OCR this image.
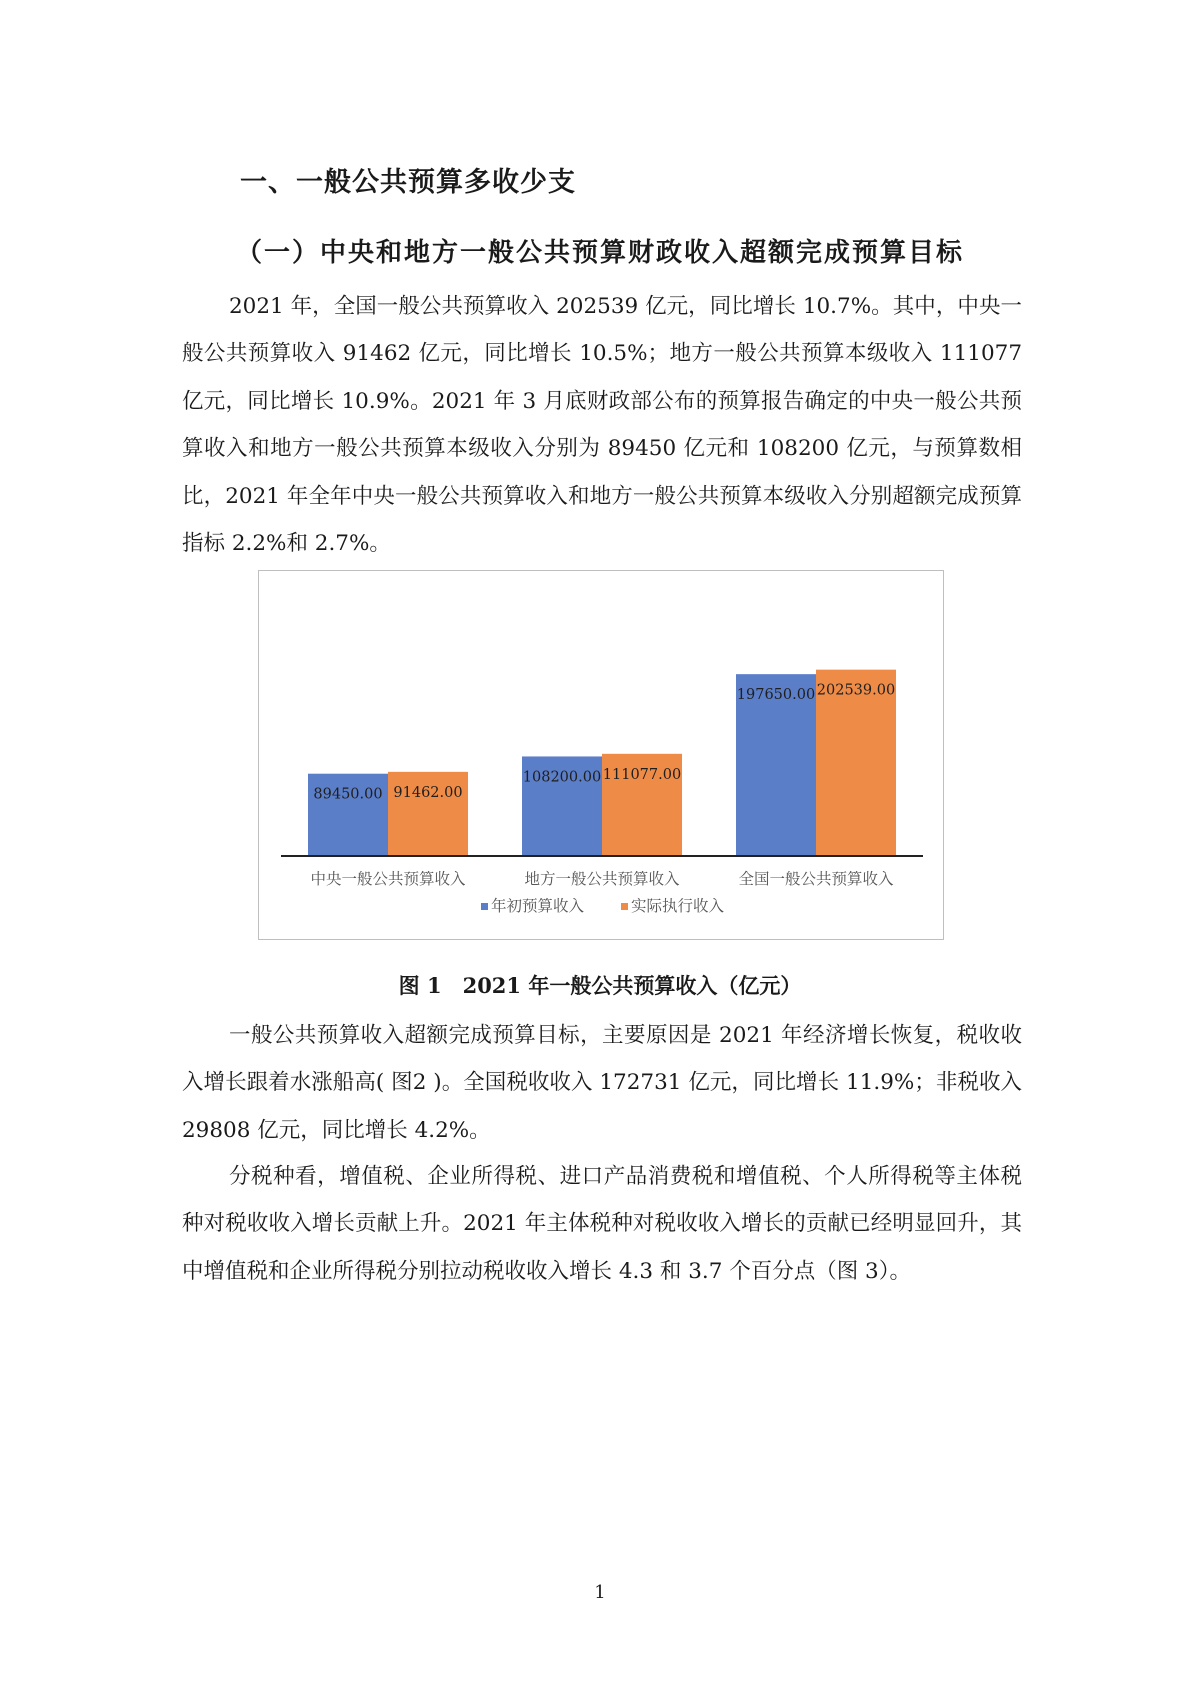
一、一般公共预算多收少支
（一）中央和地方一般公共预算财政收入超额完成预算目标

2021 年，全国一般公共预算收入 202539 亿元，同比增长 10.7%。其中，中央一般公共预算收入 91462 亿元，同比增长 10.5%；地方一般公共预算本级收入 111077 亿元，同比增长 10.9%。2021 年 3 月底财政部公布的预算报告确定的中央一般公共预算收入和地方一般公共预算本级收入分别为 89450 亿元和 108200 亿元，与预算数相比，2021 年全年中央一般公共预算收入和地方一般公共预算本级收入分别超额完成预算指标 2.2%和 2.7%。

89450.00
108200.00
197650.00
91462.00
111077.00
202539.00
中央一般公共预算收入	地方一般公共预算收入	全国一般公共预算收入
年初预算收入	实际执行收入

图 1　2021 年一般公共预算收入（亿元）

一般公共预算收入超额完成预算目标，主要原因是 2021 年经济增长恢复，税收收入增长跟着水涨船高( 图2 )。全国税收收入 172731 亿元，同比增长 11.9%；非税收入 29808 亿元，同比增长 4.2%。

分税种看，增值税、企业所得税、进口产品消费税和增值税、个人所得税等主体税种对税收收入增长贡献上升。2021 年主体税种对税收收入增长的贡献已经明显回升，其中增值税和企业所得税分别拉动税收收入增长 4.3 和 3.7 个百分点（图 3）。

1
